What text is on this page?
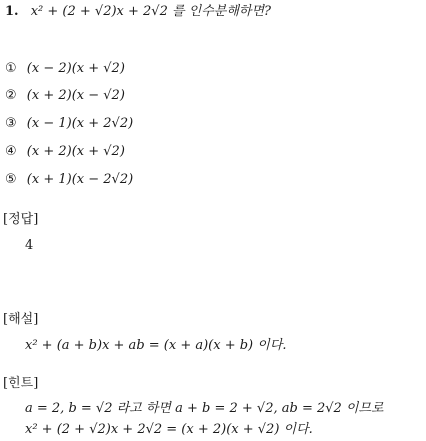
1. x² + (2 + √2)x + 2√2 를 인수분해하면?
① (x − 2)(x + √2)
② (x + 2)(x − √2)
③ (x − 1)(x + 2√2)
④ (x + 2)(x + √2)
⑤ (x + 1)(x − 2√2)
[정답]
4
[해설]
x² + (a + b)x + ab = (x + a)(x + b) 이다.
[힌트]
a = 2, b = √2 라고 하면 a + b = 2 + √2, ab = 2√2 이므로
x² + (2 + √2)x + 2√2 = (x + 2)(x + √2) 이다.
